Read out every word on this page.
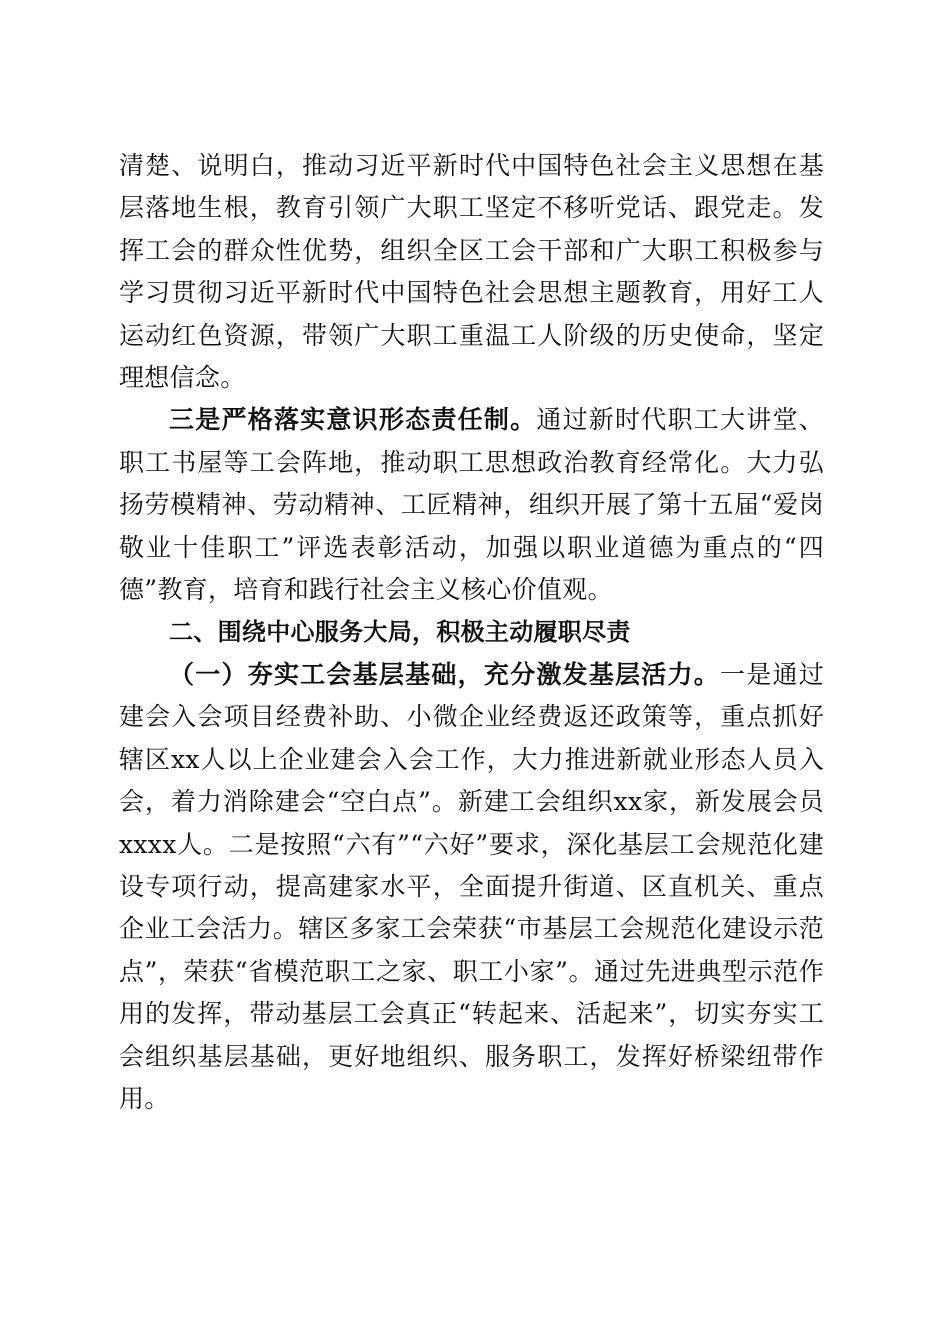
清楚、说明白，推动习近平新时代中国特色社会主义思想在基层落地生根，教育引领广大职工坚定不移听党话、跟党走。发挥工会的群众性优势，组织全区工会干部和广大职工积极参与学习贯彻习近平新时代中国特色社会思想主题教育，用好工人运动红色资源，带领广大职工重温工人阶级的历史使命，坚定理想信念。

三是严格落实意识形态责任制。通过新时代职工大讲堂、职工书屋等工会阵地，推动职工思想政治教育经常化。大力弘扬劳模精神、劳动精神、工匠精神，组织开展了第十五届“爱岗敬业十佳职工”评选表彰活动，加强以职业道德为重点的“四德”教育，培育和践行社会主义核心价值观。

二、围绕中心服务大局，积极主动履职尽责

（一）夯实工会基层基础，充分激发基层活力。一是通过建会入会项目经费补助、小微企业经费返还政策等，重点抓好辖区xx人以上企业建会入会工作，大力推进新就业形态人员入会，着力消除建会“空白点”。新建工会组织xx家，新发展会员xxxx人。二是按照“六有”“六好”要求，深化基层工会规范化建设专项行动，提高建家水平，全面提升街道、区直机关、重点企业工会活力。辖区多家工会荣获“市基层工会规范化建设示范点”，荣获“省模范职工之家、职工小家”。通过先进典型示范作用的发挥，带动基层工会真正“转起来、活起来”，切实夯实工会组织基层基础，更好地组织、服务职工，发挥好桥梁纽带作用。
